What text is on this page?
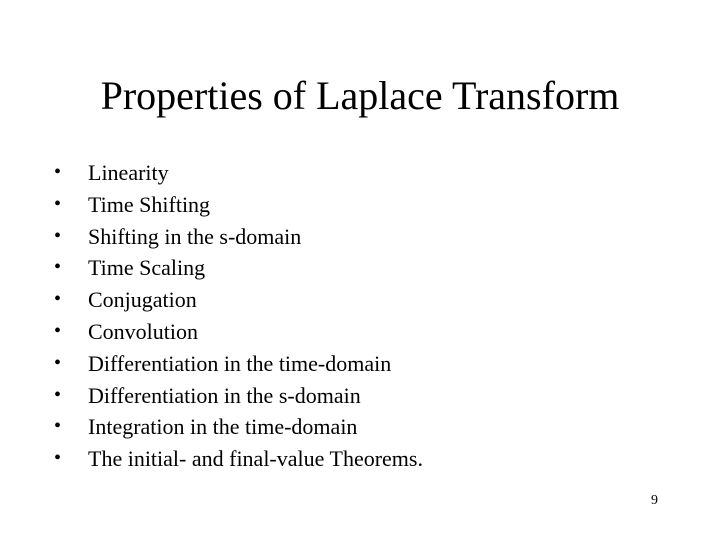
Properties of Laplace Transform
•	Linearity
•	Time Shifting
•	Shifting in the s-domain
•	Time Scaling
•	Conjugation
•	Convolution
•	Differentiation in the time-domain
•	Differentiation in the s-domain
•	Integration in the time-domain
•	The initial- and final-value Theorems.
9
